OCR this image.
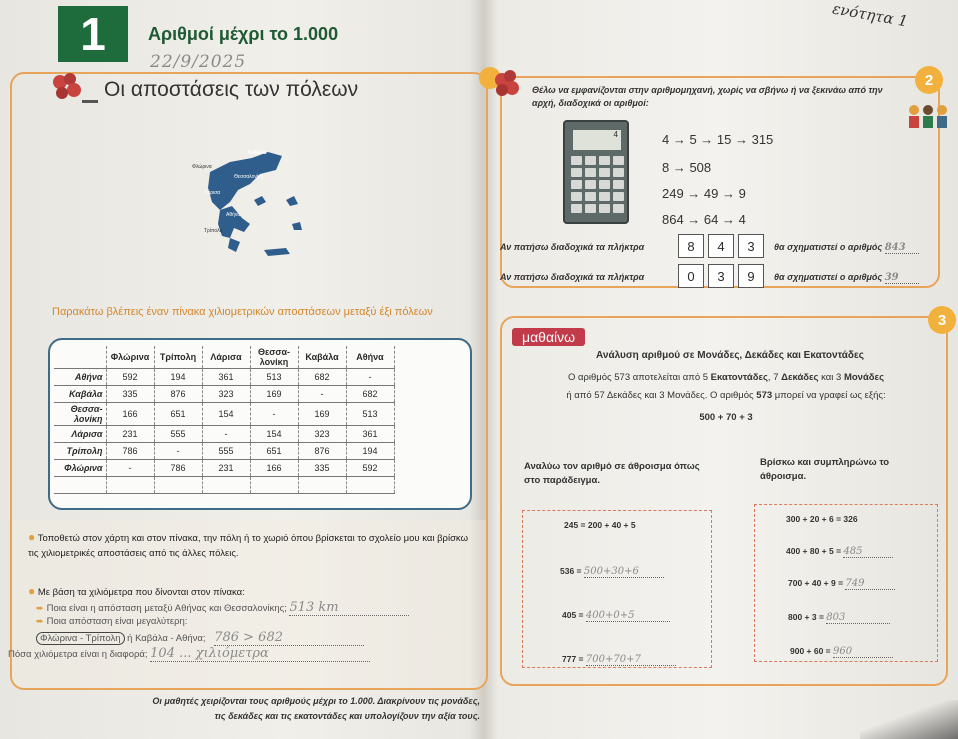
1	Αριθμοί μέχρι το 1.000
22/9/2025
Οι αποστάσεις των πόλεων
Καβάλα
Φλώρινα
Θεσσαλονίκη
Λάρισα
Αθήνα
Τρίπολη
Παρακάτω βλέπεις έναν πίνακα χιλιομετρικών αποστάσεων μεταξύ έξι πόλεων
	Φλώρινα	Τρίπολη	Λάρισα	Θεσσα-λονίκη	Καβάλα	Αθήνα
Αθήνα	592	194	361	513	682	-
Καβάλα	335	876	323	169	-	682
Θεσσα-λονίκη	166	651	154	-	169	513
Λάρισα	231	555	-	154	323	361
Τρίπολη	786	-	555	651	876	194
Φλώρινα	-	786	231	166	335	592

● Τοποθετώ στον χάρτη και στον πίνακα, την πόλη ή το χωριό όπου βρίσκεται το σχολείο μου και βρίσκω τις χιλιομετρικές αποστάσεις από τις άλλες πόλεις.
● Με βάση τα χιλιόμετρα που δίνονται στον πίνακα:
➨ Ποια είναι η απόσταση μεταξύ Αθήνας και Θεσσαλονίκης; 513 km
➨ Ποια απόσταση είναι μεγαλύτερη:
Φλώρινα - Τρίπολη ή Καβάλα - Αθήνα; 786 > 682
Πόσα χιλιόμετρα είναι η διαφορά; 104 ... χιλιόμετρα
Οι μαθητές χειρίζονται τους αριθμούς μέχρι το 1.000. Διακρίνουν τις μονάδες, τις δεκάδες και τις εκατοντάδες και υπολογίζουν την αξία τους.
ενότητα 1
2
Θέλω να εμφανίζονται στην αριθμομηχανή, χωρίς να σβήνω ή να ξεκινάω από την αρχή, διαδοχικά οι αριθμοί:
4	4 → 5 → 15 → 315
8 → 508
249 → 49 → 9
864 → 64 → 4
Αν πατήσω διαδοχικά τα πλήκτρα	8	4	3	θα σχηματιστεί ο αριθμός 843
Αν πατήσω διαδοχικά τα πλήκτρα	0	3	9	θα σχηματιστεί ο αριθμός 39
3
μαθαίνω
Ανάλυση αριθμού σε Μονάδες, Δεκάδες και Εκατοντάδες
Ο αριθμός 573 αποτελείται από 5 Εκατοντάδες, 7 Δεκάδες και 3 Μονάδες
ή από 57 Δεκάδες και 3 Μονάδες. Ο αριθμός 573 μπορεί να γραφεί ως εξής:
500 + 70 + 3
Αναλύω τον αριθμό σε άθροισμα όπως στο παράδειγμα.
Βρίσκω και συμπληρώνω το άθροισμα.
245 = 200 + 40 + 5
536 = 500+30+6
405 = 400+0+5
777 = 700+70+7
300 + 20 + 6 = 326
400 + 80 + 5 = 485
700 + 40 + 9 = 749
800 + 3 = 803
900 + 60 = 960
